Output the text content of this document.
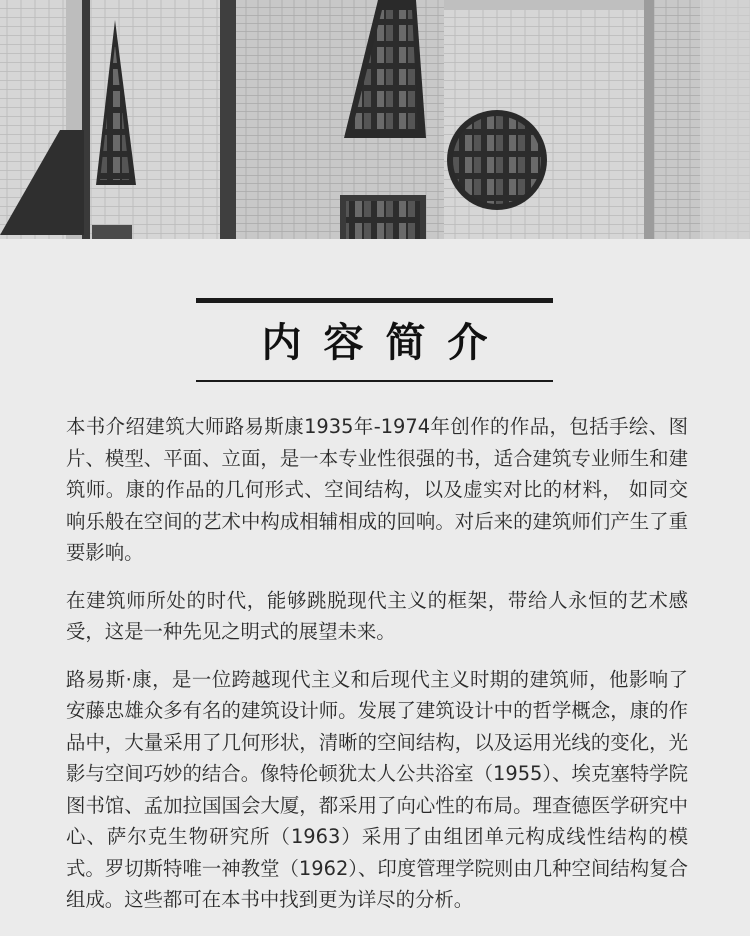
内容简介

本书介绍建筑大师路易斯康1935年-1974年创作的作品，包括手绘、图片、模型、平面、立面，是一本专业性很强的书，适合建筑专业师生和建筑师。康的作品的几何形式、空间结构，以及虚实对比的材料， 如同交响乐般在空间的艺术中构成相辅相成的回响。对后来的建筑师们产生了重要影响。

在建筑师所处的时代，能够跳脱现代主义的框架，带给人永恒的艺术感受，这是一种先见之明式的展望未来。

路易斯·康，是一位跨越现代主义和后现代主义时期的建筑师，他影响了安藤忠雄众多有名的建筑设计师。发展了建筑设计中的哲学概念，康的作品中，大量采用了几何形状，清晰的空间结构，以及运用光线的变化，光影与空间巧妙的结合。像特伦顿犹太人公共浴室（1955）、埃克塞特学院图书馆、孟加拉国国会大厦，都采用了向心性的布局。理查德医学研究中心、萨尔克生物研究所（1963）采用了由组团单元构成线性结构的模式。罗切斯特唯一神教堂（1962）、印度管理学院则由几种空间结构复合组成。这些都可在本书中找到更为详尽的分析。
